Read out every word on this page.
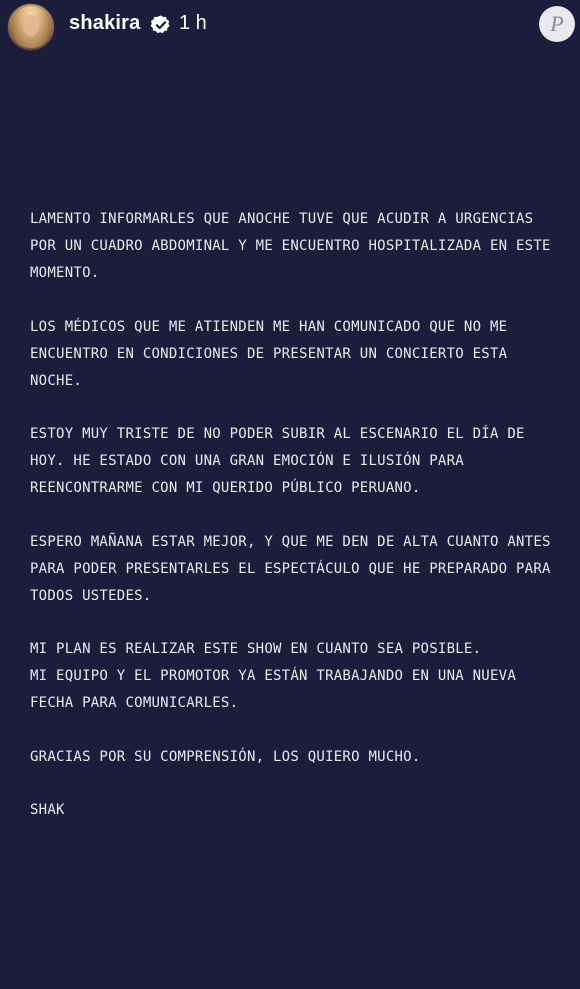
shakira 1 h	P

LAMENTO INFORMARLES QUE ANOCHE TUVE QUE ACUDIR A URGENCIAS
POR UN CUADRO ABDOMINAL Y ME ENCUENTRO HOSPITALIZADA EN ESTE
MOMENTO.

LOS MÉDICOS QUE ME ATIENDEN ME HAN COMUNICADO QUE NO ME
ENCUENTRO EN CONDICIONES DE PRESENTAR UN CONCIERTO ESTA
NOCHE.

ESTOY MUY TRISTE DE NO PODER SUBIR AL ESCENARIO EL DÍA DE
HOY. HE ESTADO CON UNA GRAN EMOCIÓN E ILUSIÓN PARA
REENCONTRARME CON MI QUERIDO PÚBLICO PERUANO.

ESPERO MAÑANA ESTAR MEJOR, Y QUE ME DEN DE ALTA CUANTO ANTES
PARA PODER PRESENTARLES EL ESPECTÁCULO QUE HE PREPARADO PARA
TODOS USTEDES.

MI PLAN ES REALIZAR ESTE SHOW EN CUANTO SEA POSIBLE.
MI EQUIPO Y EL PROMOTOR YA ESTÁN TRABAJANDO EN UNA NUEVA
FECHA PARA COMUNICARLES.

GRACIAS POR SU COMPRENSIÓN, LOS QUIERO MUCHO.

SHAK
